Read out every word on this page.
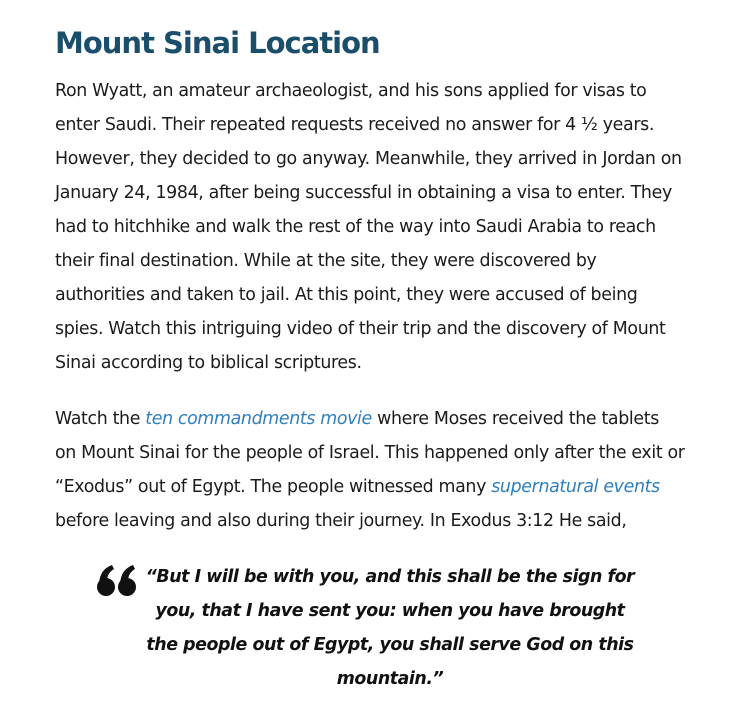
Mount Sinai Location

Ron Wyatt, an amateur archaeologist, and his sons applied for visas to enter Saudi. Their repeated requests received no answer for 4 ½ years. However, they decided to go anyway. Meanwhile, they arrived in Jordan on January 24, 1984, after being successful in obtaining a visa to enter. They had to hitchhike and walk the rest of the way into Saudi Arabia to reach their final destination. While at the site, they were discovered by authorities and taken to jail. At this point, they were accused of being spies. Watch this intriguing video of their trip and the discovery of Mount Sinai according to biblical scriptures.

Watch the ten commandments movie where Moses received the tablets on Mount Sinai for the people of Israel. This happened only after the exit or “Exodus” out of Egypt. The people witnessed many supernatural events before leaving and also during their journey. In Exodus 3:12 He said,

“But I will be with you, and this shall be the sign for you, that I have sent you: when you have brought the people out of Egypt, you shall serve God on this mountain.”
